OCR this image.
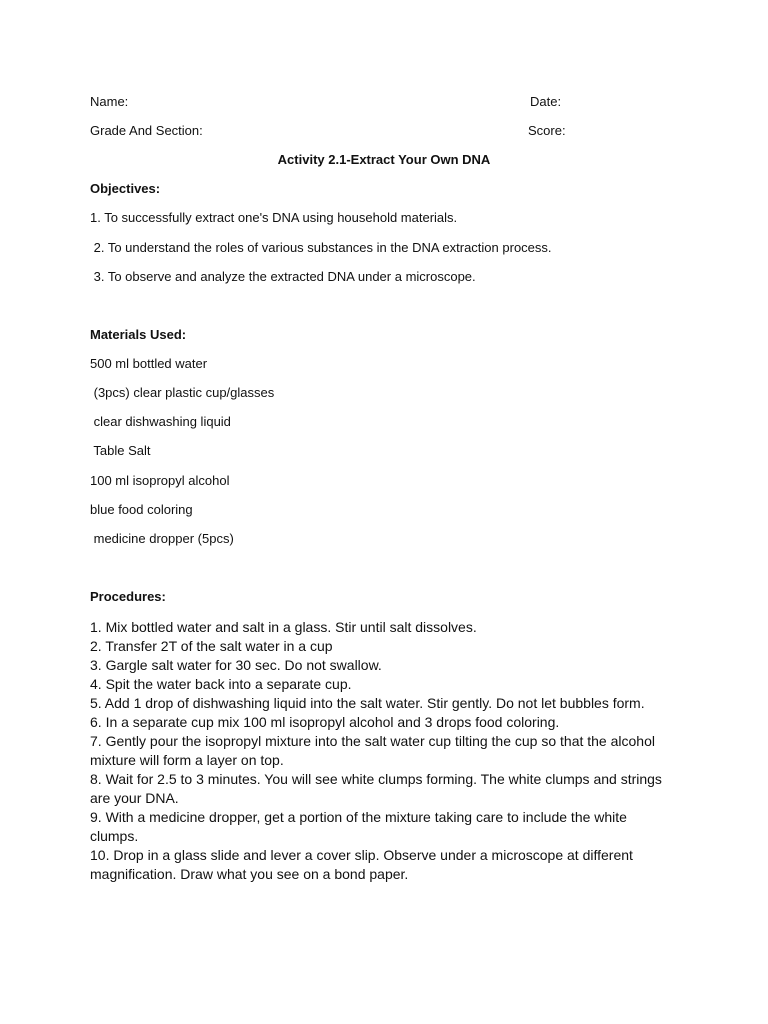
Name:	Date:
Grade And Section:	Score:
Activity 2.1-Extract Your Own DNA
Objectives:
1. To successfully extract one's DNA using household materials.
2. To understand the roles of various substances in the DNA extraction process.
3. To observe and analyze the extracted DNA under a microscope.
Materials Used:
500 ml bottled water
(3pcs) clear plastic cup/glasses
clear dishwashing liquid
Table Salt
100 ml isopropyl alcohol
blue food coloring
medicine dropper (5pcs)
Procedures:
1. Mix bottled water and salt in a glass. Stir until salt dissolves.
2. Transfer 2T of the salt water in a cup
3. Gargle salt water for 30 sec. Do not swallow.
4. Spit the water back into a separate cup.
5. Add 1 drop of dishwashing liquid into the salt water. Stir gently. Do not let bubbles form.
6. In a separate cup mix 100 ml isopropyl alcohol and 3 drops food coloring.
7. Gently pour the isopropyl mixture into the salt water cup tilting the cup so that the alcohol mixture will form a layer on top.
8. Wait for 2.5 to 3 minutes. You will see white clumps forming. The white clumps and strings are your DNA.
9. With a medicine dropper, get a portion of the mixture taking care to include the white clumps.
10. Drop in a glass slide and lever a cover slip. Observe under a microscope at different magnification. Draw what you see on a bond paper.
